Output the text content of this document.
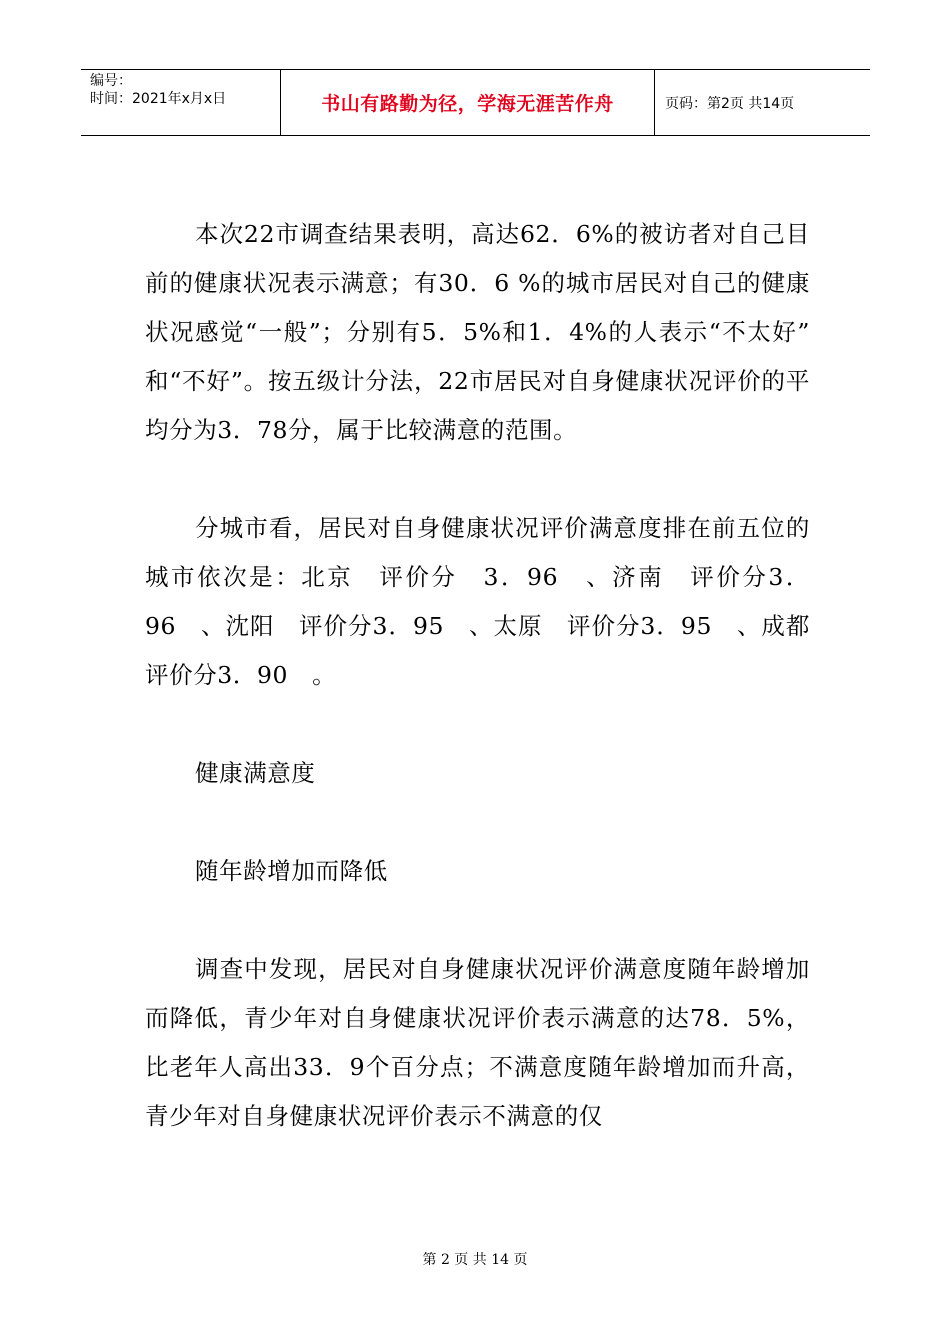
编号：
时间：2021年x月x日	书山有路勤为径，学海无涯苦作舟	页码：第2页 共14页

本次22市调查结果表明，高达62．6%的被访者对自己目前的健康状况表示满意；有30．6 %的城市居民对自己的健康状况感觉“一般”；分别有5．5%和1．4%的人表示“不太好”　和“不好”。按五级计分法，22市居民对自身健康状况评价的平均分为3．78分，属于比较满意的范围。

分城市看，居民对自身健康状况评价满意度排在前五位的城市依次是：北京　评价分　3．96　、济南　评价分3．96　、沈阳　评价分3．95　、太原　评价分3．95　、成都　评价分3．90　。

健康满意度

随年龄增加而降低

调查中发现，居民对自身健康状况评价满意度随年龄增加而降低，青少年对自身健康状况评价表示满意的达78．5%，比老年人高出33．9个百分点；不满意度随年龄增加而升高，青少年对自身健康状况评价表示不满意的仅

第 2 页 共 14 页
